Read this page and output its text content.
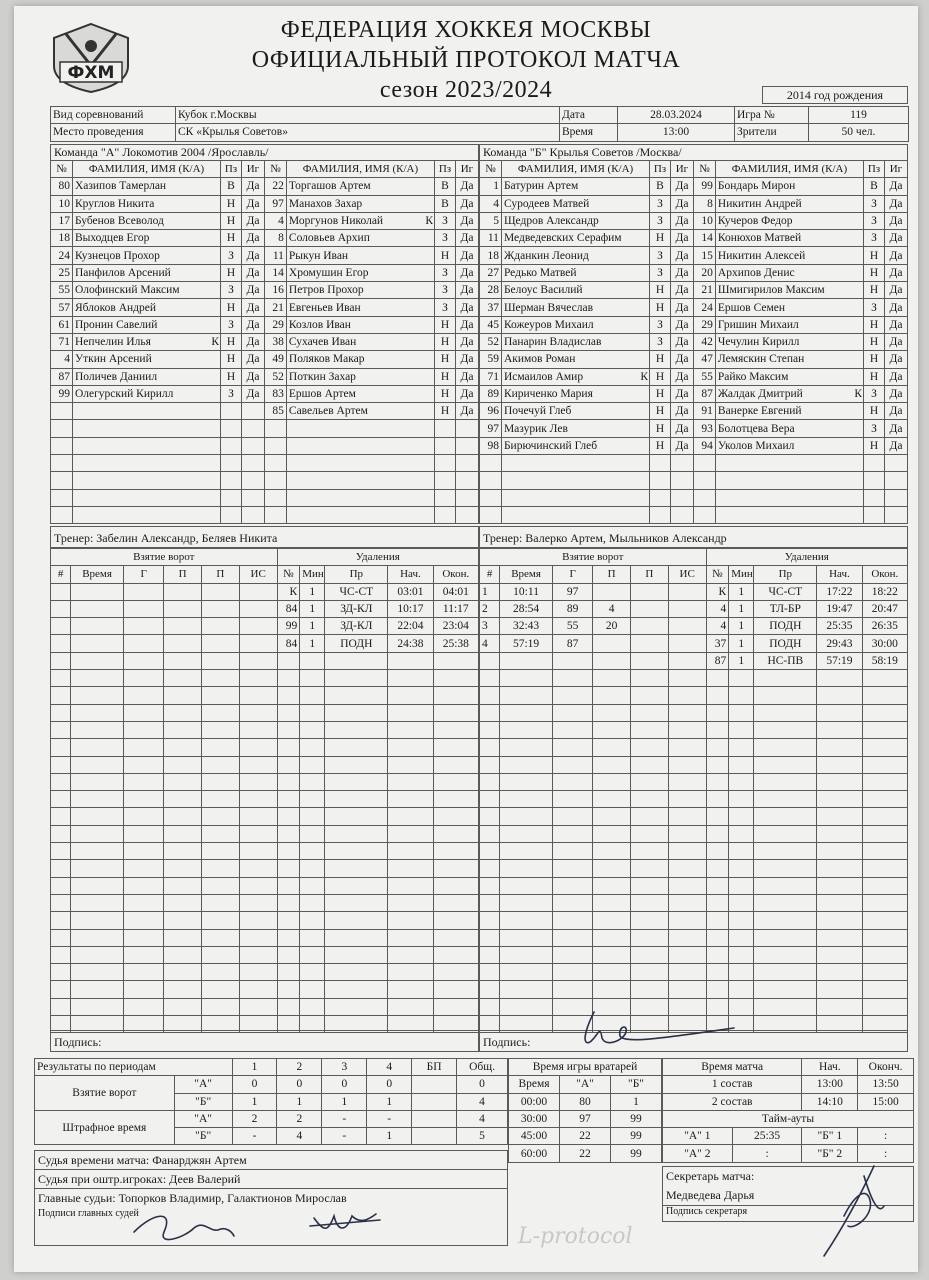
ФХМ
ФЕДЕРАЦИЯ ХОККЕЯ МОСКВЫ
ОФИЦИАЛЬНЫЙ ПРОТОКОЛ МАТЧА
сезон 2023/2024	2014 год рождения
Вид соревнований	Кубок г.Москвы	Дата	28.03.2024	Игра №	119
Место проведения	СК «Крылья Советов»	Время	13:00	Зрители	50 чел.
Команда "А" Локомотив 2004 /Ярославль/
№	ФАМИЛИЯ, ИМЯ (К/А)		Пз	Иг	№	ФАМИЛИЯ, ИМЯ (К/А)		Пз	Иг
80	Хазипов Тамерлан		В	Да	22	Торгашов Артем		В	Да
10	Круглов Никита		Н	Да	97	Манахов Захар		В	Да
17	Бубенов Всеволод		Н	Да	4	Моргунов Николай	К	З	Да
18	Выходцев Егор		Н	Да	8	Соловьев Архип		З	Да
24	Кузнецов Прохор		З	Да	11	Рыкун Иван		Н	Да
25	Панфилов Арсений		Н	Да	14	Хромушин Егор		З	Да
55	Олофинский Максим		З	Да	16	Петров Прохор		З	Да
57	Яблоков Андрей		Н	Да	21	Евгеньев Иван		З	Да
61	Пронин Савелий		З	Да	29	Козлов Иван		Н	Да
71	Непчелин Илья	К	Н	Да	38	Сухачев Иван		Н	Да
4	Уткин Арсений		Н	Да	49	Поляков Макар		Н	Да
87	Поличев Даниил		Н	Да	52	Поткин Захар		Н	Да
99	Олегурский Кирилл		З	Да	83	Ершов Артем		Н	Да
					85	Савельев Артем		Н	Да

Команда "Б" Крылья Советов /Москва/
№	ФАМИЛИЯ, ИМЯ (К/А)		Пз	Иг	№	ФАМИЛИЯ, ИМЯ (К/А)		Пз	Иг
1	Батурин Артем		В	Да	99	Бондарь Мирон		В	Да
4	Суродеев Матвей		З	Да	8	Никитин Андрей		З	Да
5	Щедров Александр		З	Да	10	Кучеров Федор		З	Да
11	Медведевских Серафим		Н	Да	14	Конюхов Матвей		З	Да
18	Жданкин Леонид		З	Да	15	Никитин Алексей		Н	Да
27	Редько Матвей		З	Да	20	Архипов Денис		Н	Да
28	Белоус Василий		Н	Да	21	Шмигирилов Максим		Н	Да
37	Шерман Вячеслав		Н	Да	24	Ершов Семен		З	Да
45	Кожеуров Михаил		З	Да	29	Гришин Михаил		Н	Да
52	Панарин Владислав		З	Да	42	Чечулин Кирилл		Н	Да
59	Акимов Роман		Н	Да	47	Лемяскин Степан		Н	Да
71	Исмаилов Амир	К	Н	Да	55	Райко Максим		Н	Да
89	Кириченко Мария		Н	Да	87	Жалдак Дмитрий	К	З	Да
96	Почечуй Глеб		Н	Да	91	Ванерке Евгений		Н	Да
97	Мазурик Лев		Н	Да	93	Болотцева Вера		З	Да
98	Бирючинский Глеб		Н	Да	94	Уколов Михаил		Н	Да

Тренер: Забелин Александр, Беляев Никита	Тренер: Валерко Артем, Мыльников Александр
Взятие ворот						Удаления				
#	Время	Г	П	П	ИС	№	Мин	Пр	Нач.	Окон.
						К	1	ЧС-СТ	03:01	04:01
						84	1	ЗД-КЛ	10:17	11:17
						99	1	ЗД-КЛ	22:04	23:04
						84	1	ПОДН	24:38	25:38

Взятие ворот						Удаления				
#	Время	Г	П	П	ИС	№	Мин	Пр	Нач.	Окон.
1	10:11	97				К	1	ЧС-СТ	17:22	18:22
2	28:54	89	4			4	1	ТЛ-БР	19:47	20:47
3	32:43	55	20			4	1	ПОДН	25:35	26:35
4	57:19	87				37	1	ПОДН	29:43	30:00
						87	1	НС-ПВ	57:19	58:19

Подпись:	Подпись:
Результаты по периодам		1	2	3	4	БП	Общ.
Взятие ворот	"А"	0	0	0	0		0
	"Б"	1	1	1	1		4
Штрафное время	"А"	2	2	-	-		4
	"Б"	-	4	-	1		5
Время игры вратарей		
Время	"А"	"Б"
00:00	80	1
30:00	97	99
45:00	22	99
60:00	22	99
Время матча		Нач.	Оконч.
1 состав		13:00	13:50
2 состав		14:10	15:00
Тайм-ауты			
"А" 1	25:35	"Б" 1	:
"А" 2	:	"Б" 2	:
Судья времени матча: Фанарджян Артем
Судья при оштр.игроках: Деев Валерий
Главные судьи: Топорков Владимир, Галактионов Мирослав
Подписи главных судей
Секретарь матча:
Медведева Дарья
Подпись секретаря
L-protocol
